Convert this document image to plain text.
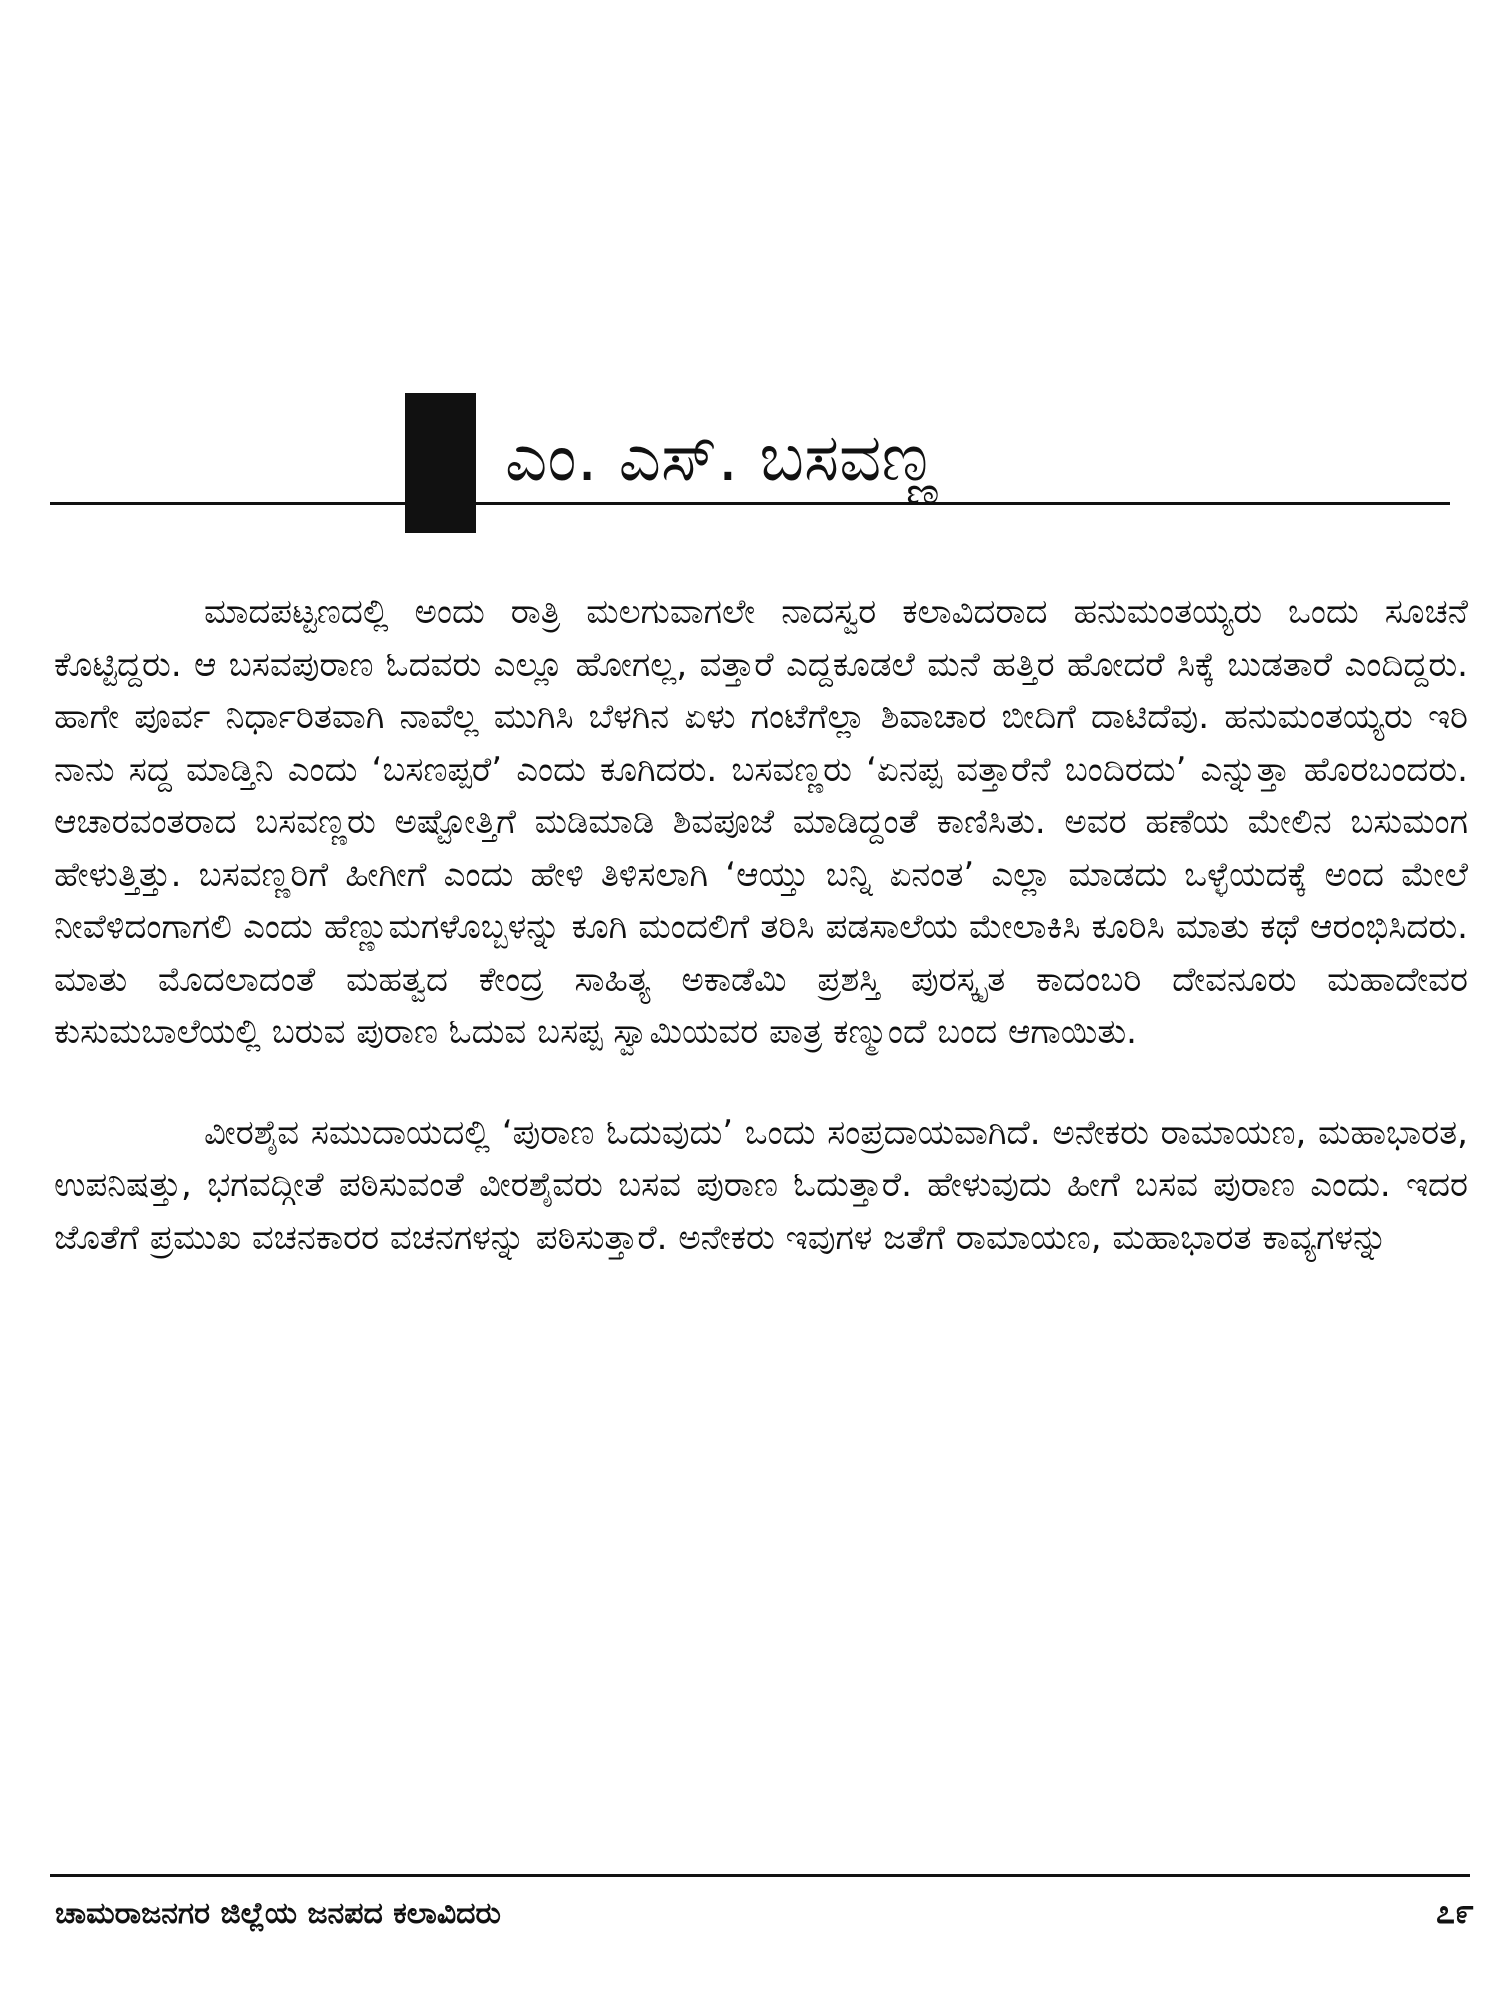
ಎಂ. ಎಸ್. ಬಸವಣ್ಣ

ಮಾದಪಟ್ಟಣದಲ್ಲಿ ಅಂದು ರಾತ್ರಿ ಮಲಗುವಾಗಲೇ ನಾದಸ್ವರ ಕಲಾವಿದರಾದ ಹನುಮಂತಯ್ಯರು ಒಂದು ಸೂಚನೆ ಕೊಟ್ಟಿದ್ದರು. ಆ ಬಸವಪುರಾಣ ಓದವರು ಎಲ್ಲೂ ಹೋಗಲ್ಲ, ವತ್ತಾರೆ ಎದ್ದಕೂಡಲೆ ಮನೆ ಹತ್ತಿರ ಹೋದರೆ ಸಿಕ್ಕೆ ಬುಡತಾರೆ ಎಂದಿದ್ದರು. ಹಾಗೇ ಪೂರ್ವ ನಿರ್ಧಾರಿತವಾಗಿ ನಾವೆಲ್ಲ ಮುಗಿಸಿ ಬೆಳಗಿನ ಏಳು ಗಂಟೆಗೆಲ್ಲಾ ಶಿವಾಚಾರ ಬೀದಿಗೆ ದಾಟಿದೆವು. ಹನುಮಂತಯ್ಯರು ಇರಿ ನಾನು ಸದ್ದ ಮಾಡ್ತಿನಿ ಎಂದು ‘ಬಸಣಪ್ಪರೆ’ ಎಂದು ಕೂಗಿದರು. ಬಸವಣ್ಣರು ‘ಏನಪ್ಪ ವತ್ತಾರೆನೆ ಬಂದಿರದು’ ಎನ್ನುತ್ತಾ ಹೊರಬಂದರು. ಆಚಾರವಂತರಾದ ಬಸವಣ್ಣರು ಅಷ್ಟೋತ್ತಿಗೆ ಮಡಿಮಾಡಿ ಶಿವಪೂಜೆ ಮಾಡಿದ್ದಂತೆ ಕಾಣಿಸಿತು. ಅವರ ಹಣೆಯ ಮೇಲಿನ ಬಸುಮಂಗ ಹೇಳುತ್ತಿತ್ತು. ಬಸವಣ್ಣರಿಗೆ ಹೀಗೀಗೆ ಎಂದು ಹೇಳಿ ತಿಳಿಸಲಾಗಿ ‘ಆಯ್ತು ಬನ್ನಿ ಏನಂತ’ ಎಲ್ಲಾ ಮಾಡದು ಒಳ್ಳೆಯದಕ್ಕೆ ಅಂದ ಮೇಲೆ ನೀವೆಳಿದಂಗಾಗಲಿ ಎಂದು ಹೆಣ್ಣುಮಗಳೊಬ್ಬಳನ್ನು ಕೂಗಿ ಮಂದಲಿಗೆ ತರಿಸಿ ಪಡಸಾಲೆಯ ಮೇಲಾಕಿಸಿ ಕೂರಿಸಿ ಮಾತು ಕಥೆ ಆರಂಭಿಸಿದರು. ಮಾತು ಮೊದಲಾದಂತೆ ಮಹತ್ವದ ಕೇಂದ್ರ ಸಾಹಿತ್ಯ ಅಕಾಡೆಮಿ ಪ್ರಶಸ್ತಿ ಪುರಸ್ಕೃತ ಕಾದಂಬರಿ ದೇವನೂರು ಮಹಾದೇವರ ಕುಸುಮಬಾಲೆಯಲ್ಲಿ ಬರುವ ಪುರಾಣ ಓದುವ ಬಸಪ್ಪ ಸ್ವಾಮಿಯವರ ಪಾತ್ರ ಕಣ್ಮುಂದೆ ಬಂದ ಆಗಾಯಿತು.

ವೀರಶೈವ ಸಮುದಾಯದಲ್ಲಿ ‘ಪುರಾಣ ಓದುವುದು’ ಒಂದು ಸಂಪ್ರದಾಯವಾಗಿದೆ. ಅನೇಕರು ರಾಮಾಯಣ, ಮಹಾಭಾರತ, ಉಪನಿಷತ್ತು, ಭಗವದ್ಗೀತೆ ಪಠಿಸುವಂತೆ ವೀರಶೈವರು ಬಸವ ಪುರಾಣ ಓದುತ್ತಾರೆ. ಹೇಳುವುದು ಹೀಗೆ ಬಸವ ಪುರಾಣ ಎಂದು. ಇದರ ಜೊತೆಗೆ ಪ್ರಮುಖ ವಚನಕಾರರ ವಚನಗಳನ್ನು ಪಠಿಸುತ್ತಾರೆ. ಅನೇಕರು ಇವುಗಳ ಜತೆಗೆ ರಾಮಾಯಣ, ಮಹಾಭಾರತ ಕಾವ್ಯಗಳನ್ನು

ಚಾಮರಾಜನಗರ ಜಿಲ್ಲೆಯ ಜನಪದ ಕಲಾವಿದರು	೭೯
